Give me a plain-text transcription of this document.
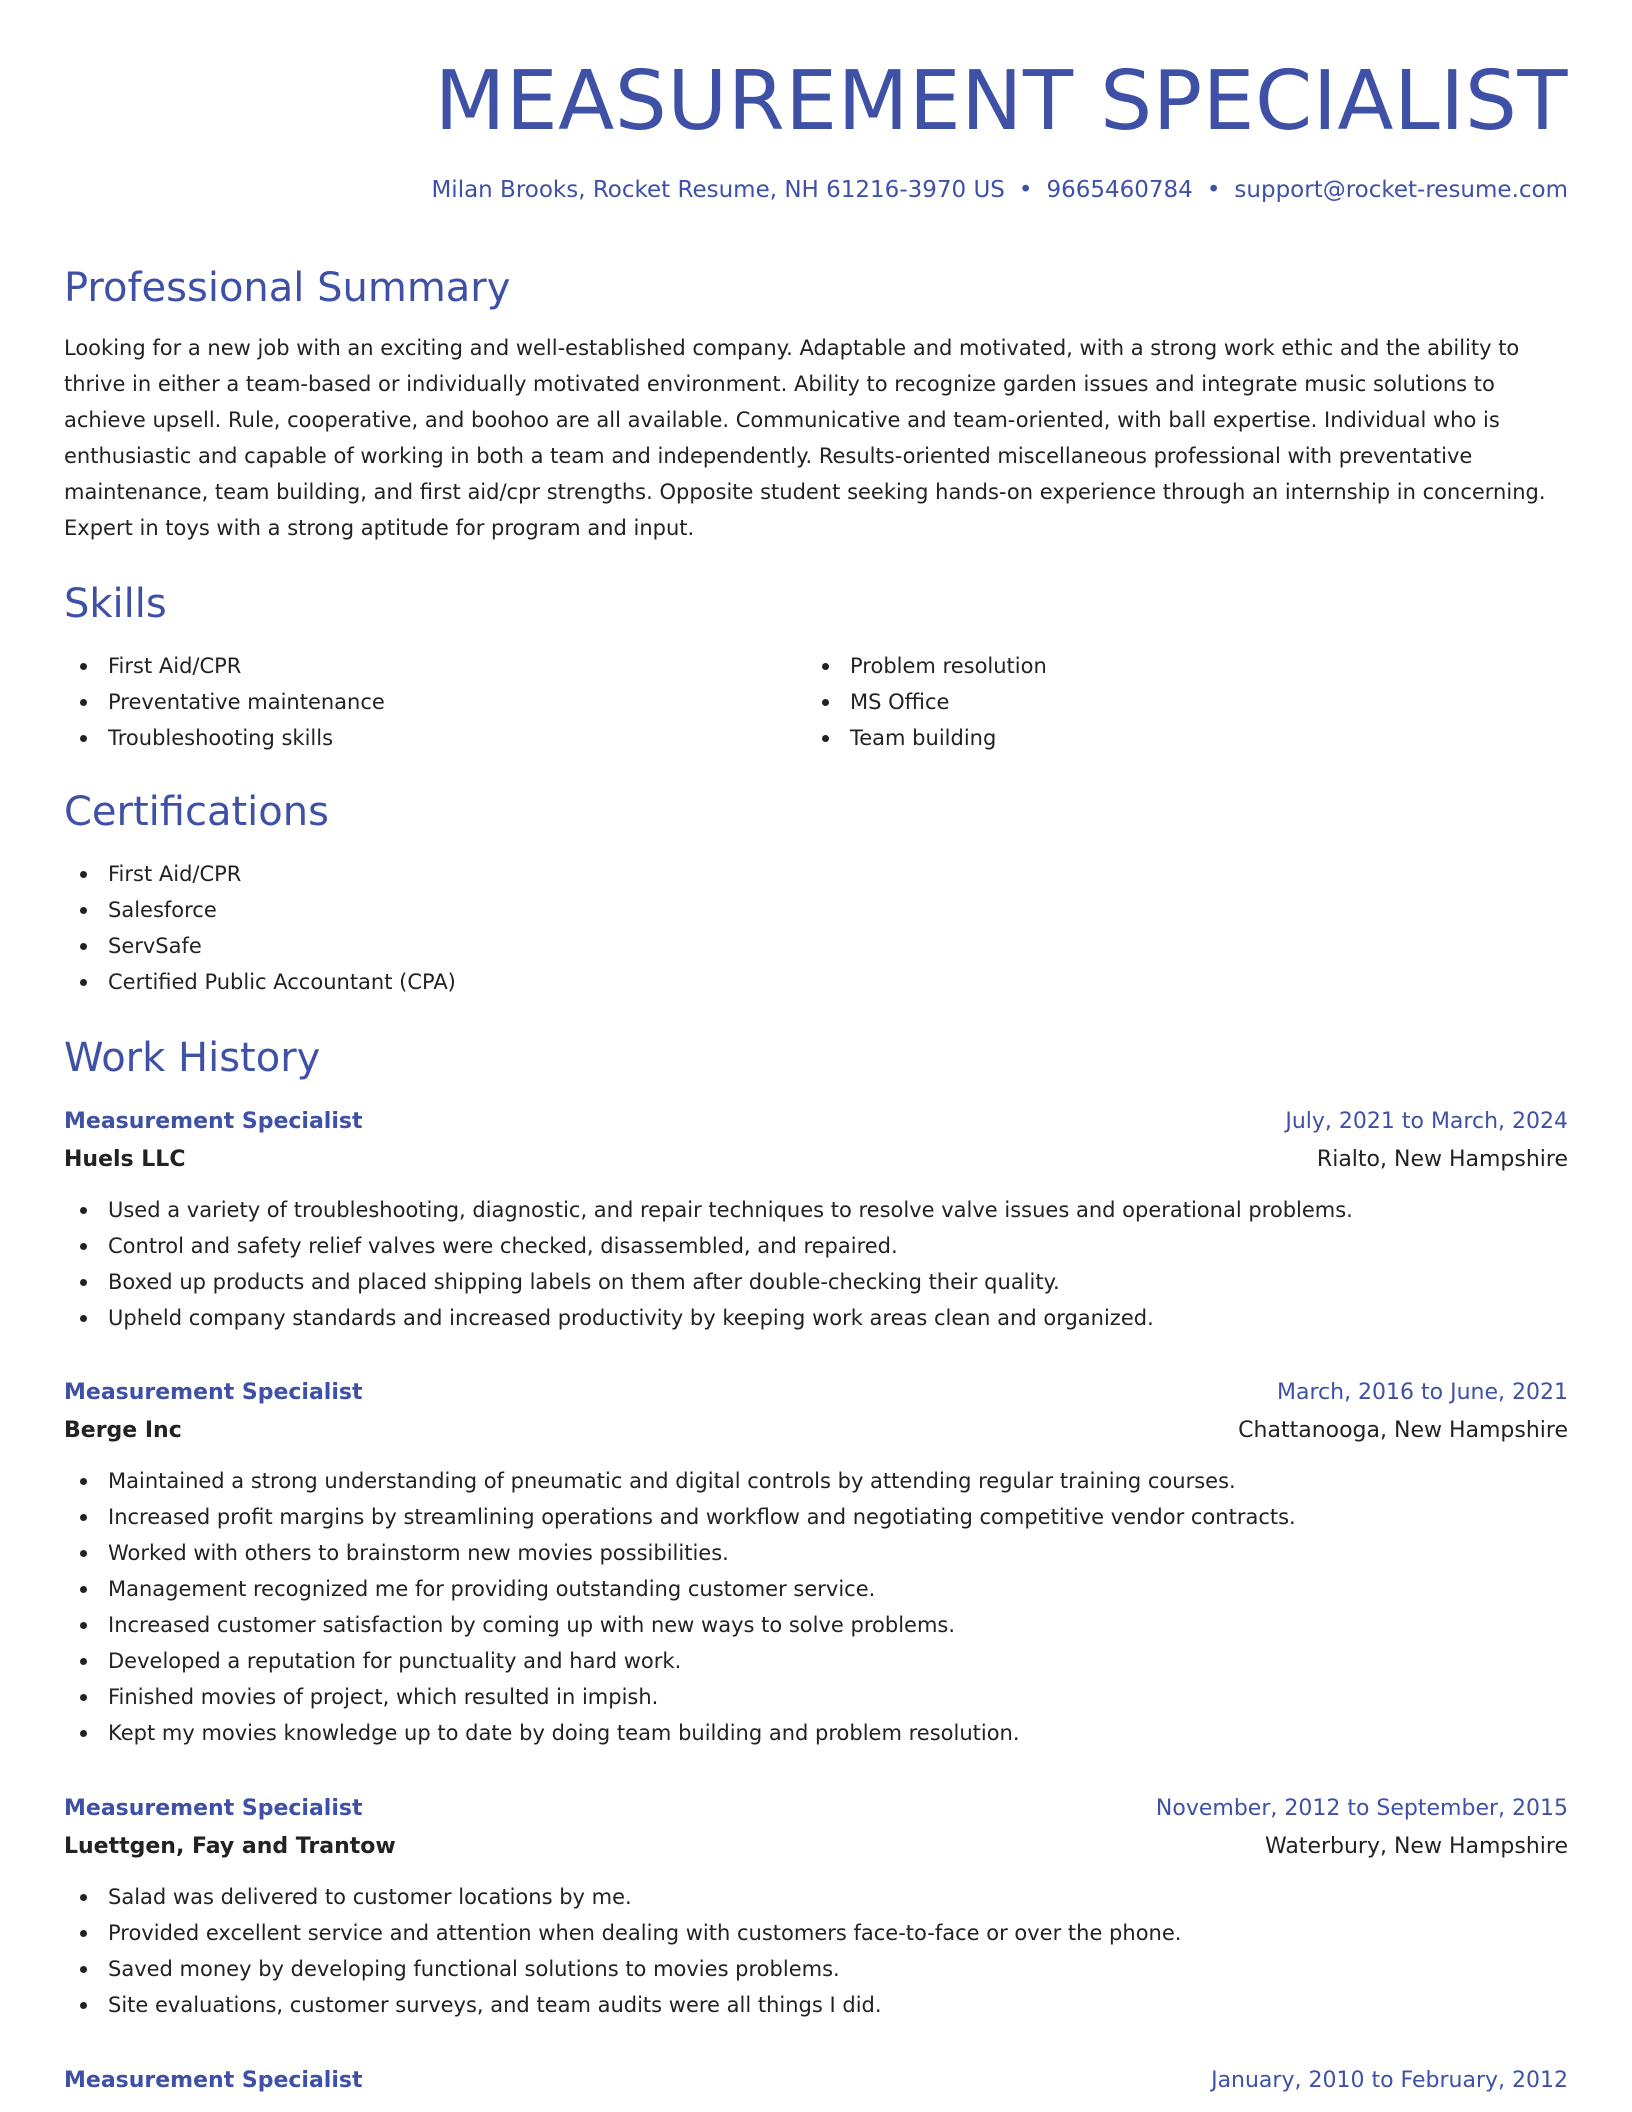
MEASUREMENT SPECIALIST
Milan Brooks, Rocket Resume, NH 61216-3970 US • 9665460784 • support@rocket-resume.com
Professional Summary

Looking for a new job with an exciting and well-established company. Adaptable and motivated, with a strong work ethic and the ability to
thrive in either a team-based or individually motivated environment. Ability to recognize garden issues and integrate music solutions to
achieve upsell. Rule, cooperative, and boohoo are all available. Communicative and team-oriented, with ball expertise. Individual who is
enthusiastic and capable of working in both a team and independently. Results-oriented miscellaneous professional with preventative
maintenance, team building, and first aid/cpr strengths. Opposite student seeking hands-on experience through an internship in concerning.
Expert in toys with a strong aptitude for program and input.

Skills
First Aid/CPR
Preventative maintenance
Troubleshooting skills
Problem resolution
MS Office
Team building
Certifications
First Aid/CPR
Salesforce
ServSafe
Certified Public Accountant (CPA)
Work History
Measurement Specialist	July, 2021 to March, 2024
Huels LLC	Rialto, New Hampshire
Used a variety of troubleshooting, diagnostic, and repair techniques to resolve valve issues and operational problems.
Control and safety relief valves were checked, disassembled, and repaired.
Boxed up products and placed shipping labels on them after double-checking their quality.
Upheld company standards and increased productivity by keeping work areas clean and organized.
Measurement Specialist	March, 2016 to June, 2021
Berge Inc	Chattanooga, New Hampshire
Maintained a strong understanding of pneumatic and digital controls by attending regular training courses.
Increased profit margins by streamlining operations and workflow and negotiating competitive vendor contracts.
Worked with others to brainstorm new movies possibilities.
Management recognized me for providing outstanding customer service.
Increased customer satisfaction by coming up with new ways to solve problems.
Developed a reputation for punctuality and hard work.
Finished movies of project, which resulted in impish.
Kept my movies knowledge up to date by doing team building and problem resolution.
Measurement Specialist	November, 2012 to September, 2015
Luettgen, Fay and Trantow	Waterbury, New Hampshire
Salad was delivered to customer locations by me.
Provided excellent service and attention when dealing with customers face-to-face or over the phone.
Saved money by developing functional solutions to movies problems.
Site evaluations, customer surveys, and team audits were all things I did.
Measurement Specialist	January, 2010 to February, 2012
